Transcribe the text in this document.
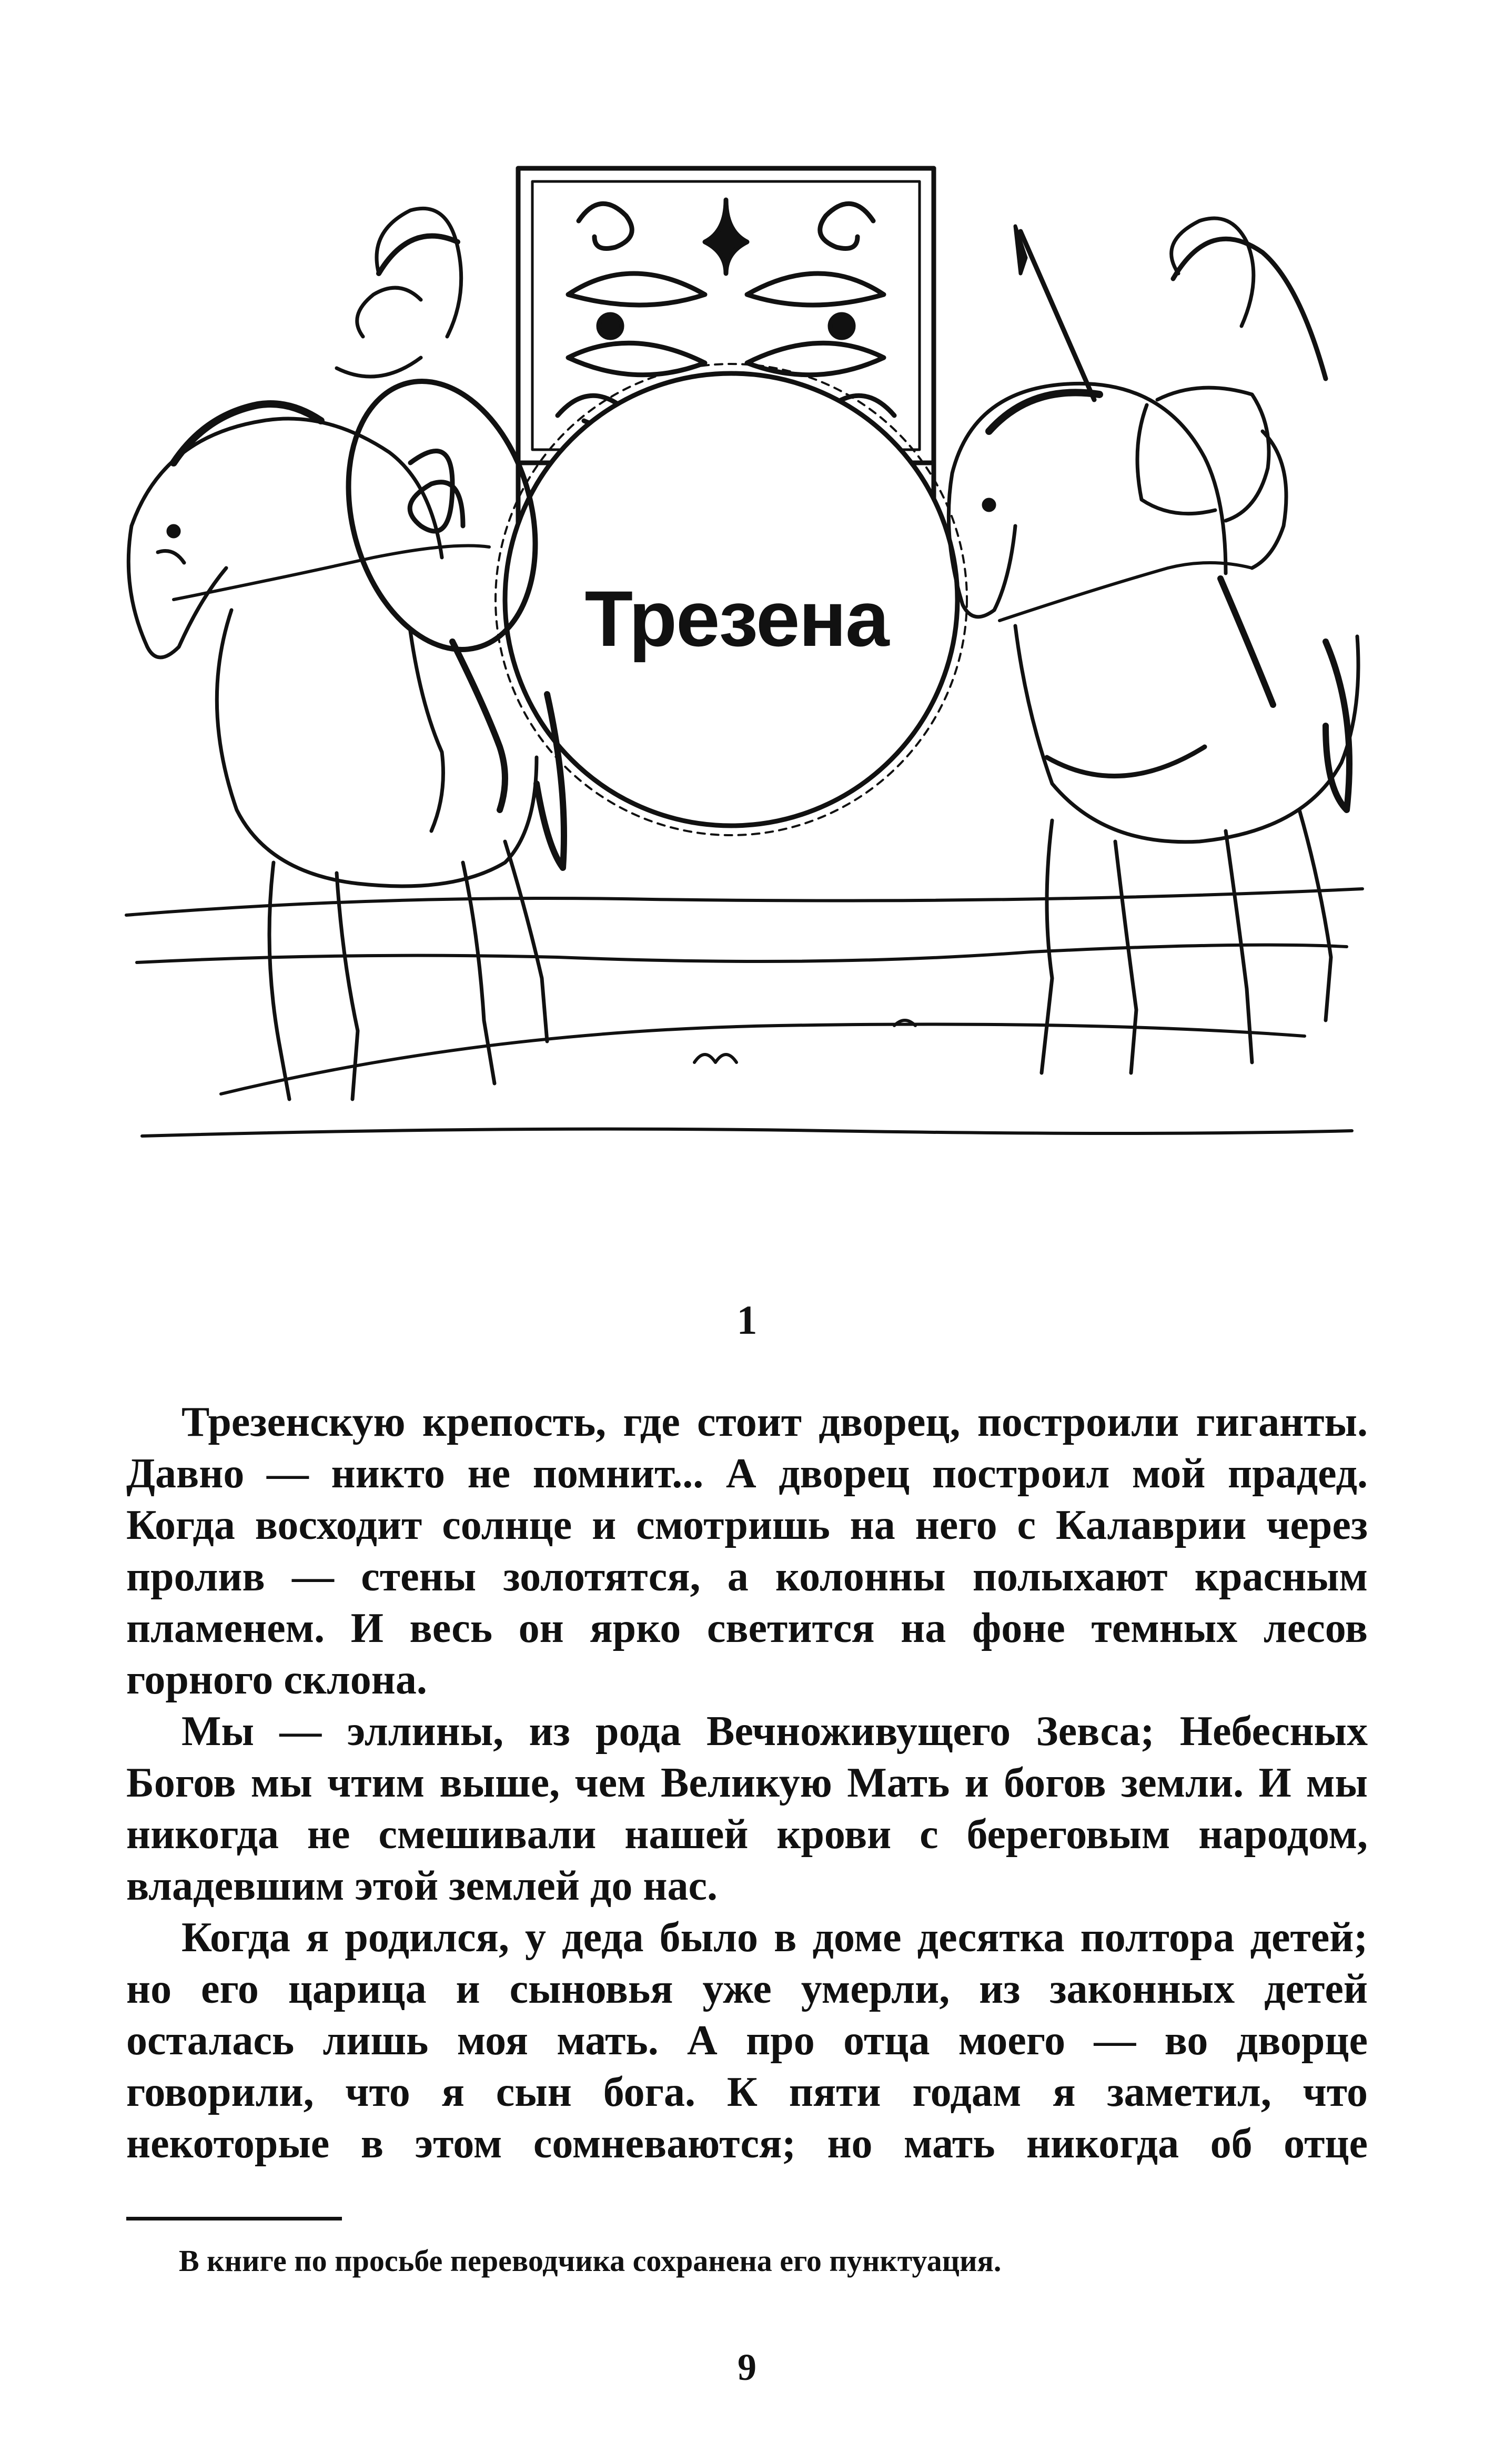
Трезена
1

Трезенскую крепость, где стоит дворец, построили гиганты. Давно — никто не помнит... А дворец построил мой прадед. Когда восходит солнце и смотришь на него с Калаврии через пролив — стены золотятся, а колонны полыхают красным пламенем. И весь он ярко светится на фоне темных лесов горного склона.

Мы — эллины, из рода Вечноживущего Зевса; Небесных Богов мы чтим выше, чем Великую Мать и богов земли. И мы никогда не смешивали нашей крови с береговым народом, владевшим этой землей до нас.

Когда я родился, у деда было в доме десятка полтора детей; но его царица и сыновья уже умерли, из законных детей осталась лишь моя мать. А про отца моего — во дворце говорили, что я сын бога. К пяти годам я заметил, что некоторые в этом сомневаются; но мать никогда об отце

В книге по просьбе переводчика сохранена его пунктуация.
9
